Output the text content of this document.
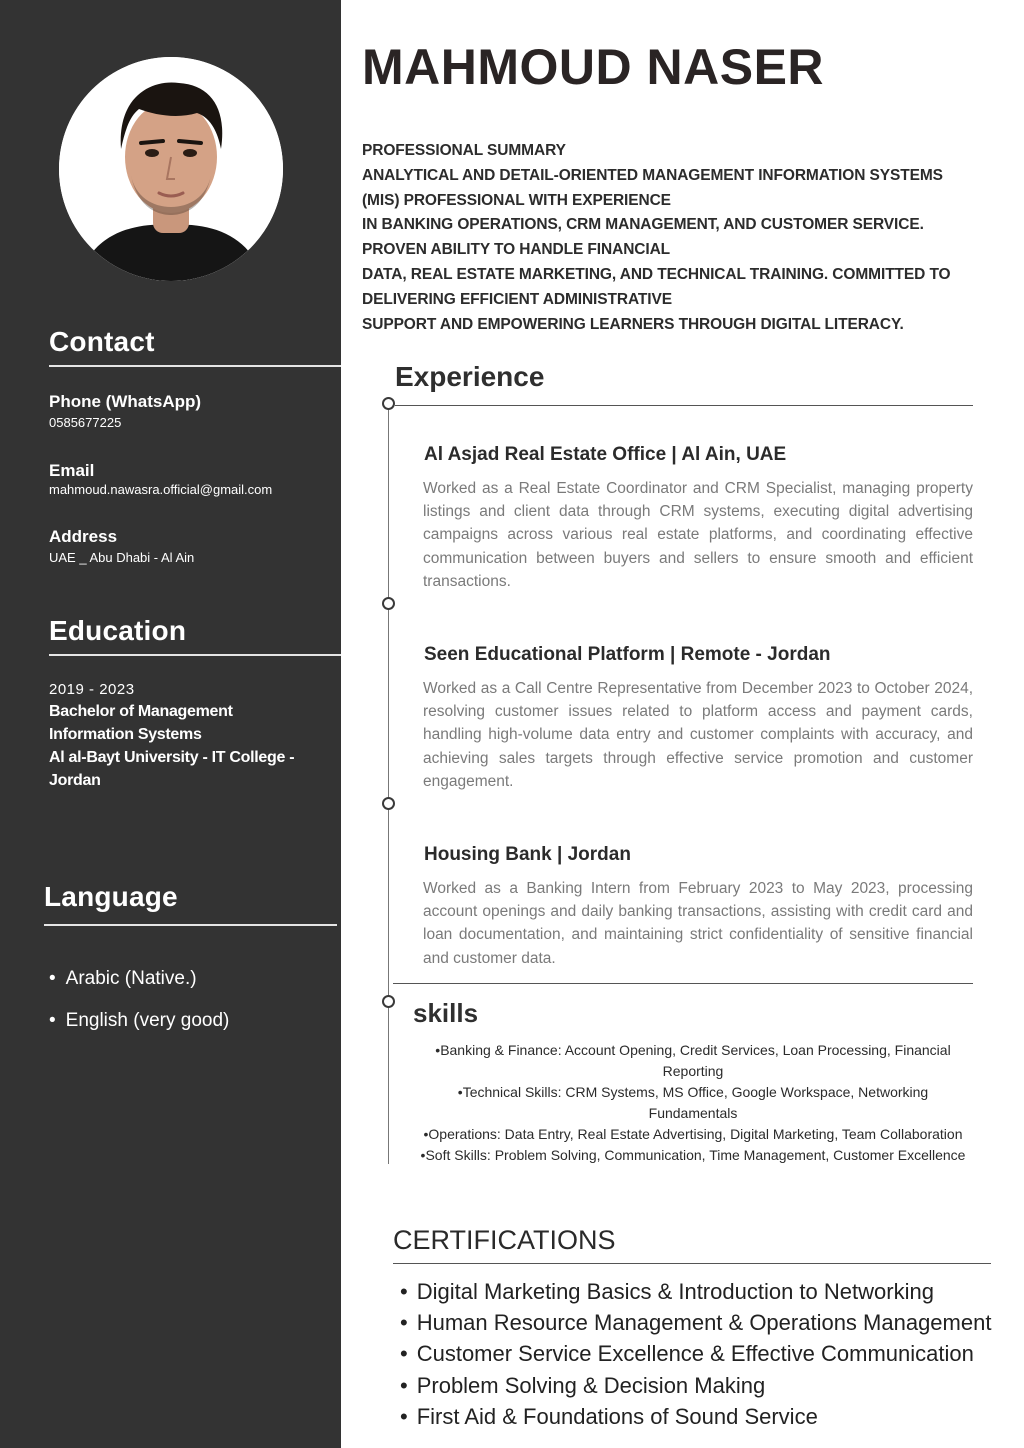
Contact
Phone (WhatsApp)
0585677225
Email
mahmoud.nawasra.official@gmail.com
Address
UAE _ Abu Dhabi - Al Ain
Education
2019 - 2023
Bachelor of Management
Information Systems
Al al-Bayt University - IT College -
Jordan
Language
• Arabic (Native.)
• English (very good)
MAHMOUD NASER
PROFESSIONAL SUMMARY
ANALYTICAL AND DETAIL-ORIENTED MANAGEMENT INFORMATION SYSTEMS
(MIS) PROFESSIONAL WITH EXPERIENCE
IN BANKING OPERATIONS, CRM MANAGEMENT, AND CUSTOMER SERVICE.
PROVEN ABILITY TO HANDLE FINANCIAL
DATA, REAL ESTATE MARKETING, AND TECHNICAL TRAINING. COMMITTED TO
DELIVERING EFFICIENT ADMINISTRATIVE
SUPPORT AND EMPOWERING LEARNERS THROUGH DIGITAL LITERACY.
Experience
Al Asjad Real Estate Office | Al Ain, UAE
Worked as a Real Estate Coordinator and CRM Specialist, managing property listings and client data through CRM systems, executing digital advertising campaigns across various real estate platforms, and coordinating effective communication between buyers and sellers to ensure smooth and efficient transactions.
Seen Educational Platform | Remote - Jordan
Worked as a Call Centre Representative from December 2023 to October 2024, resolving customer issues related to platform access and payment cards, handling high-volume data entry and customer complaints with accuracy, and achieving sales targets through effective service promotion and customer engagement.
Housing Bank | Jordan
Worked as a Banking Intern from February 2023 to May 2023, processing account openings and daily banking transactions, assisting with credit card and loan documentation, and maintaining strict confidentiality of sensitive financial and customer data.
skills
• Banking & Finance: Account Opening, Credit Services, Loan Processing, Financial Reporting
• Technical Skills: CRM Systems, MS Office, Google Workspace, Networking Fundamentals
• Operations: Data Entry, Real Estate Advertising, Digital Marketing, Team Collaboration
• Soft Skills: Problem Solving, Communication, Time Management, Customer Excellence
CERTIFICATIONS
• Digital Marketing Basics & Introduction to Networking
• Human Resource Management & Operations Management
• Customer Service Excellence & Effective Communication
• Problem Solving & Decision Making
• First Aid & Foundations of Sound Service
